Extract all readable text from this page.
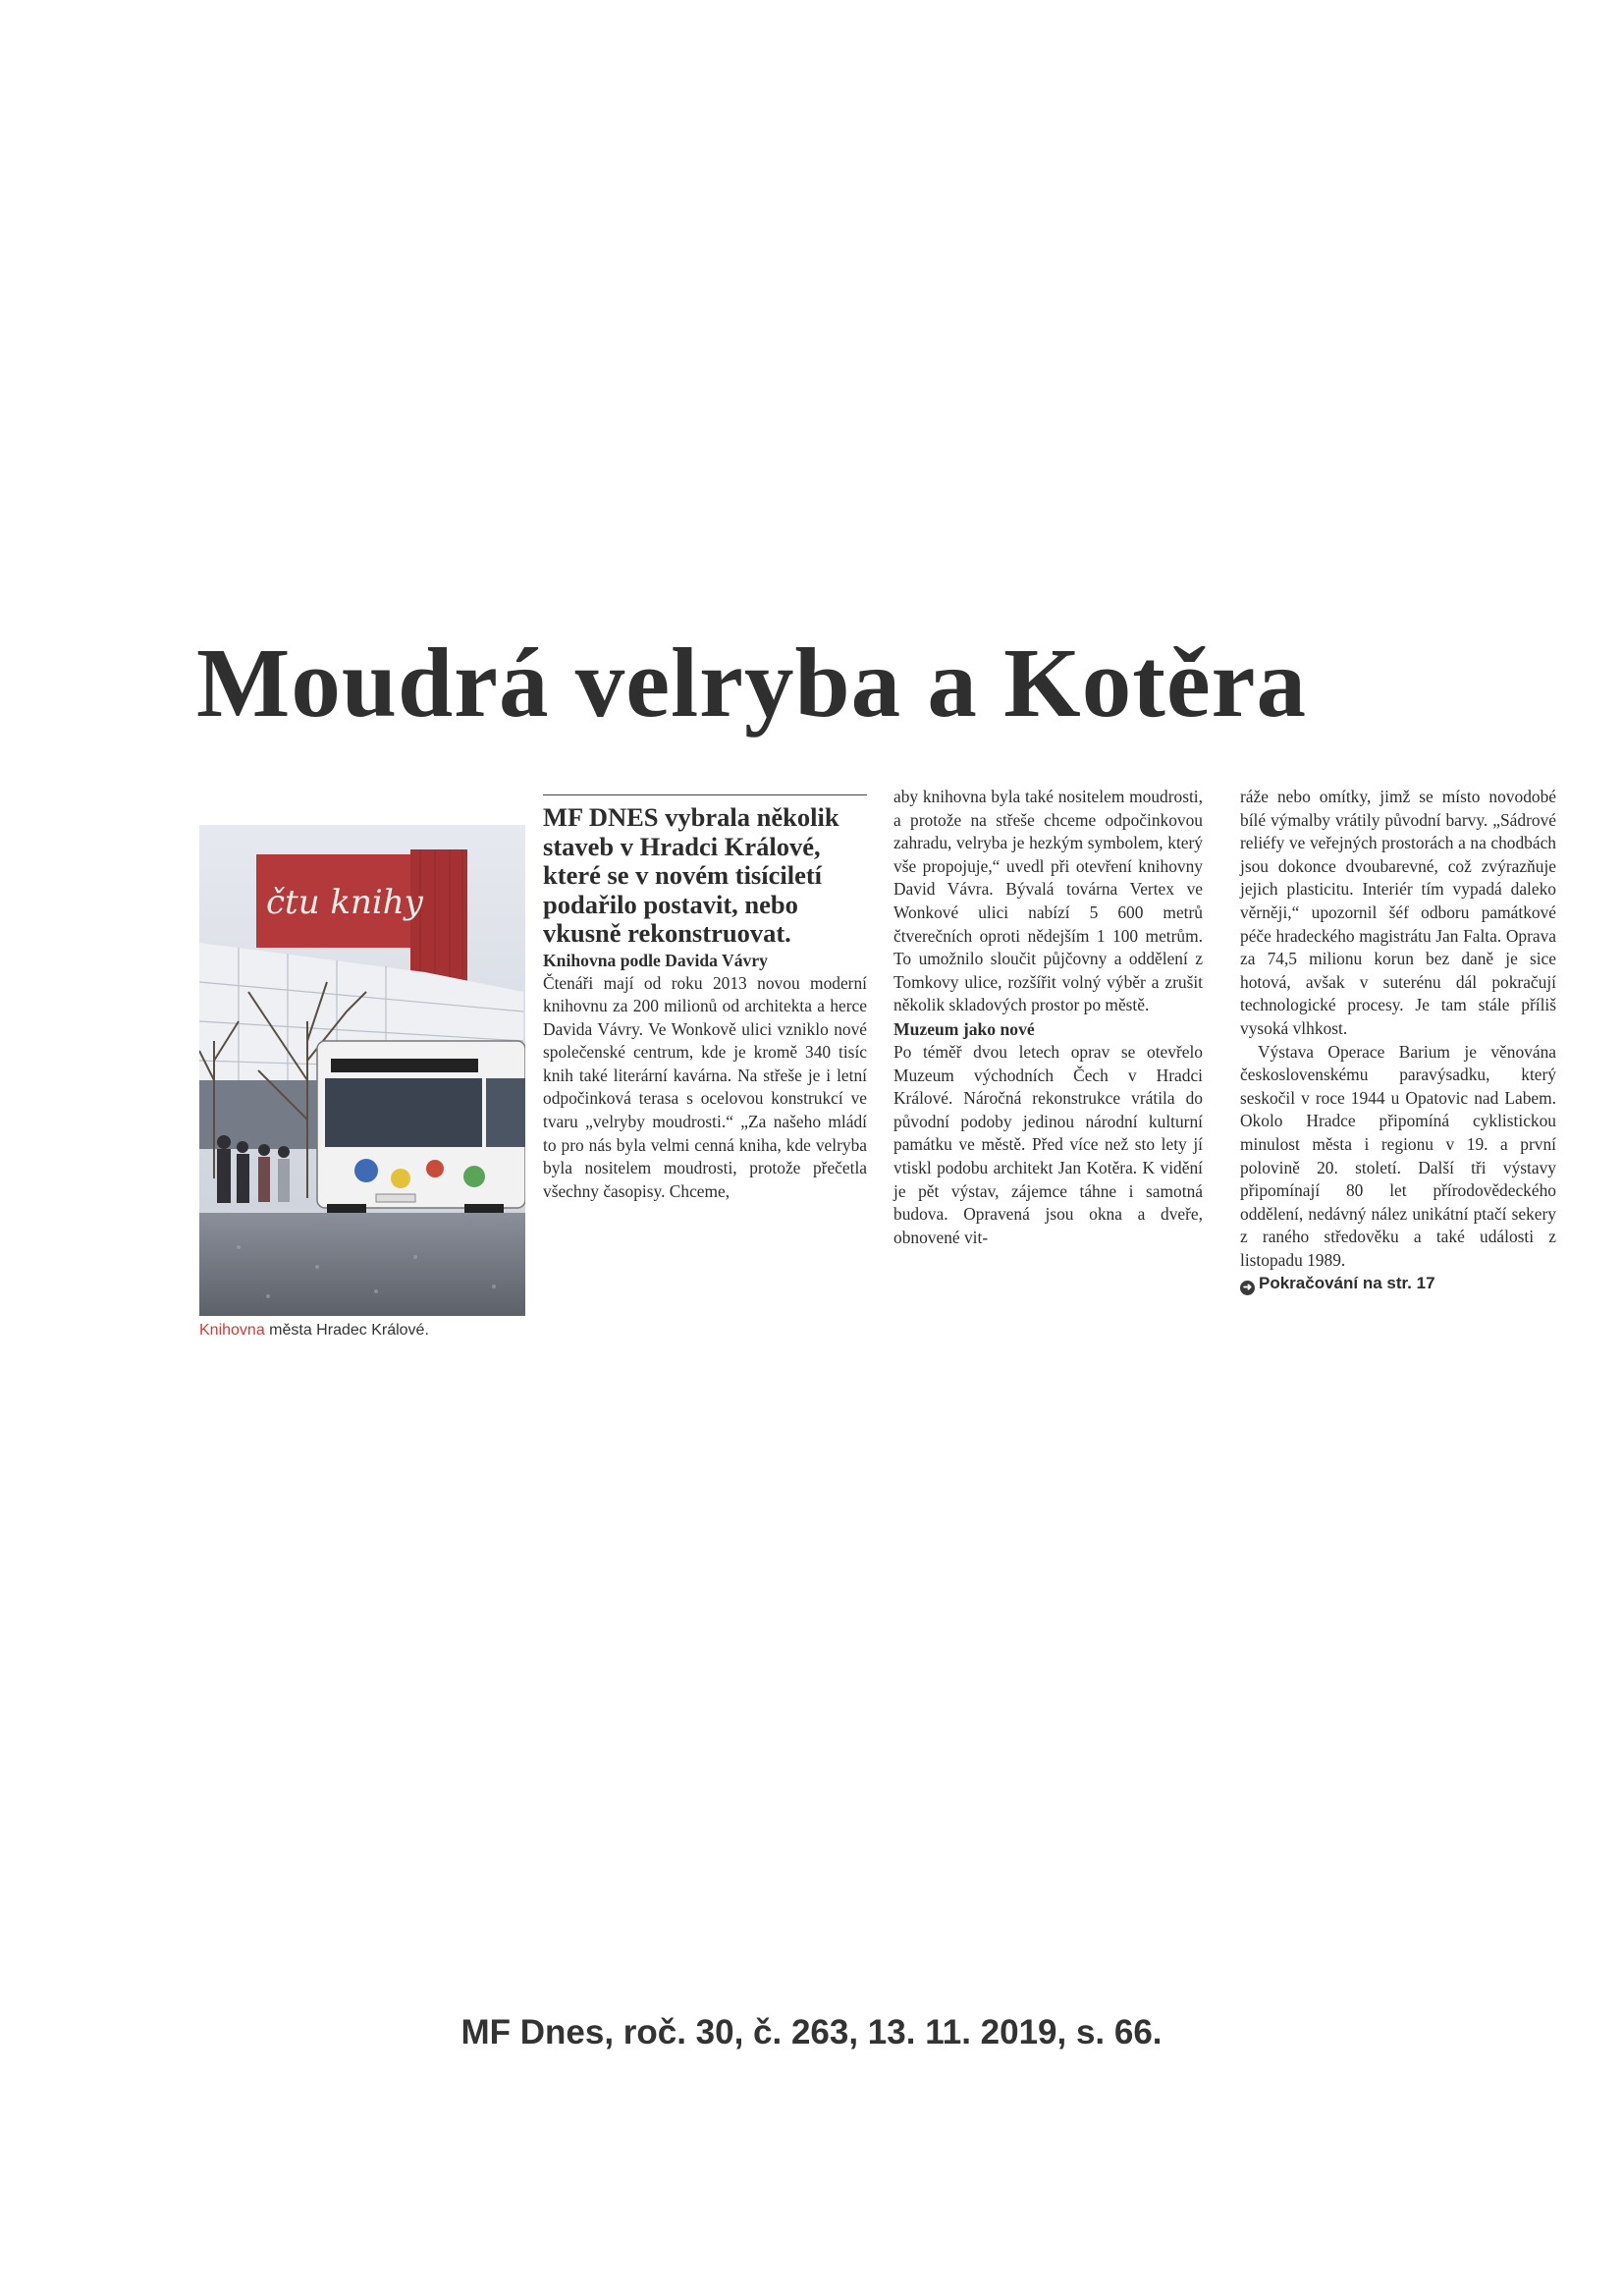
Moudrá velryba a Kotěra
čtu knihy
Knihovna města Hradec Králové.

MF DNES vybrala několik staveb v Hradci Králové, které se v novém tisíciletí podařilo postavit, nebo vkusně rekonstruovat.

Knihovna podle Davida Vávry

Čtenáři mají od roku 2013 novou moderní knihovnu za 200 milionů od architekta a herce Davida Vávry. Ve Wonkově ulici vzniklo nové společenské centrum, kde je kromě 340 tisíc knih také literární kavárna. Na střeše je i letní odpočinková terasa s ocelovou konstrukcí ve tvaru „velryby moudrosti.“ „Za našeho mládí to pro nás byla velmi cenná kniha, kde velryba byla nositelem moudrosti, protože přečetla všechny časopisy. Chceme,

aby knihovna byla také nositelem moudrosti, a protože na střeše chceme odpočinkovou zahradu, velryba je hezkým symbolem, který vše propojuje,“ uvedl při otevření knihovny David Vávra. Bývalá továrna Vertex ve Wonkové ulici nabízí 5 600 metrů čtverečních oproti nědejším 1 100 metrům. To umožnilo sloučit půjčovny a oddělení z Tomkovy ulice, rozšířit volný výběr a zrušit několik skladových prostor po městě.

Muzeum jako nové

Po téměř dvou letech oprav se otevřelo Muzeum východních Čech v Hradci Králové. Náročná rekonstrukce vrátila do původní podoby jedinou národní kulturní památku ve městě. Před více než sto lety jí vtiskl podobu architekt Jan Kotěra. K vidění je pět výstav, zájemce táhne i samotná budova. Opravená jsou okna a dveře, obnovené vit-

ráže nebo omítky, jimž se místo novodobé bílé výmalby vrátily původní barvy. „Sádrové reliéfy ve veřejných prostorách a na chodbách jsou dokonce dvoubarevné, což zvýrazňuje jejich plasticitu. Interiér tím vypadá daleko věrněji,“ upozornil šéf odboru památkové péče hradeckého magistrátu Jan Falta. Oprava za 74,5 milionu korun bez daně je sice hotová, avšak v suterénu dál pokračují technologické procesy. Je tam stále příliš vysoká vlhkost.

Výstava Operace Barium je věnována československému paravýsadku, který seskočil v roce 1944 u Opatovic nad Labem. Okolo Hradce připomíná cyklistickou minulost města i regionu v 19. a první polovině 20. století. Další tři výstavy připomínají 80 let přírodovědeckého oddělení, nedávný nález unikátní ptačí sekery z raného středověku a také události z listopadu 1989.

➜ Pokračování na str. 17

MF Dnes, roč. 30, č. 263, 13. 11. 2019, s. 66.
